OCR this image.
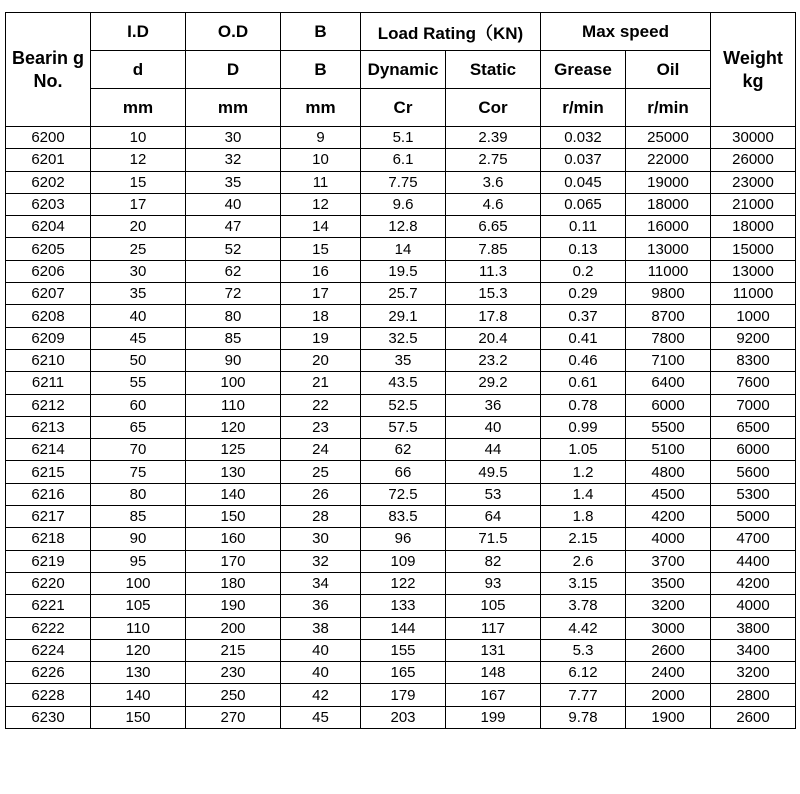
Bearin g No.	I.D	O.D	B	Load Rating（KN)		Max speed		Weight kg
	d	D	B	Dynamic	Static	Grease	Oil	
	mm	mm	mm	Cr	Cor	r/min	r/min	
6200	10	30	9	5.1	2.39	0.032	25000	30000
6201	12	32	10	6.1	2.75	0.037	22000	26000
6202	15	35	11	7.75	3.6	0.045	19000	23000
6203	17	40	12	9.6	4.6	0.065	18000	21000
6204	20	47	14	12.8	6.65	0.11	16000	18000
6205	25	52	15	14	7.85	0.13	13000	15000
6206	30	62	16	19.5	11.3	0.2	11000	13000
6207	35	72	17	25.7	15.3	0.29	9800	11000
6208	40	80	18	29.1	17.8	0.37	8700	1000
6209	45	85	19	32.5	20.4	0.41	7800	9200
6210	50	90	20	35	23.2	0.46	7100	8300
6211	55	100	21	43.5	29.2	0.61	6400	7600
6212	60	110	22	52.5	36	0.78	6000	7000
6213	65	120	23	57.5	40	0.99	5500	6500
6214	70	125	24	62	44	1.05	5100	6000
6215	75	130	25	66	49.5	1.2	4800	5600
6216	80	140	26	72.5	53	1.4	4500	5300
6217	85	150	28	83.5	64	1.8	4200	5000
6218	90	160	30	96	71.5	2.15	4000	4700
6219	95	170	32	109	82	2.6	3700	4400
6220	100	180	34	122	93	3.15	3500	4200
6221	105	190	36	133	105	3.78	3200	4000
6222	110	200	38	144	117	4.42	3000	3800
6224	120	215	40	155	131	5.3	2600	3400
6226	130	230	40	165	148	6.12	2400	3200
6228	140	250	42	179	167	7.77	2000	2800
6230	150	270	45	203	199	9.78	1900	2600
